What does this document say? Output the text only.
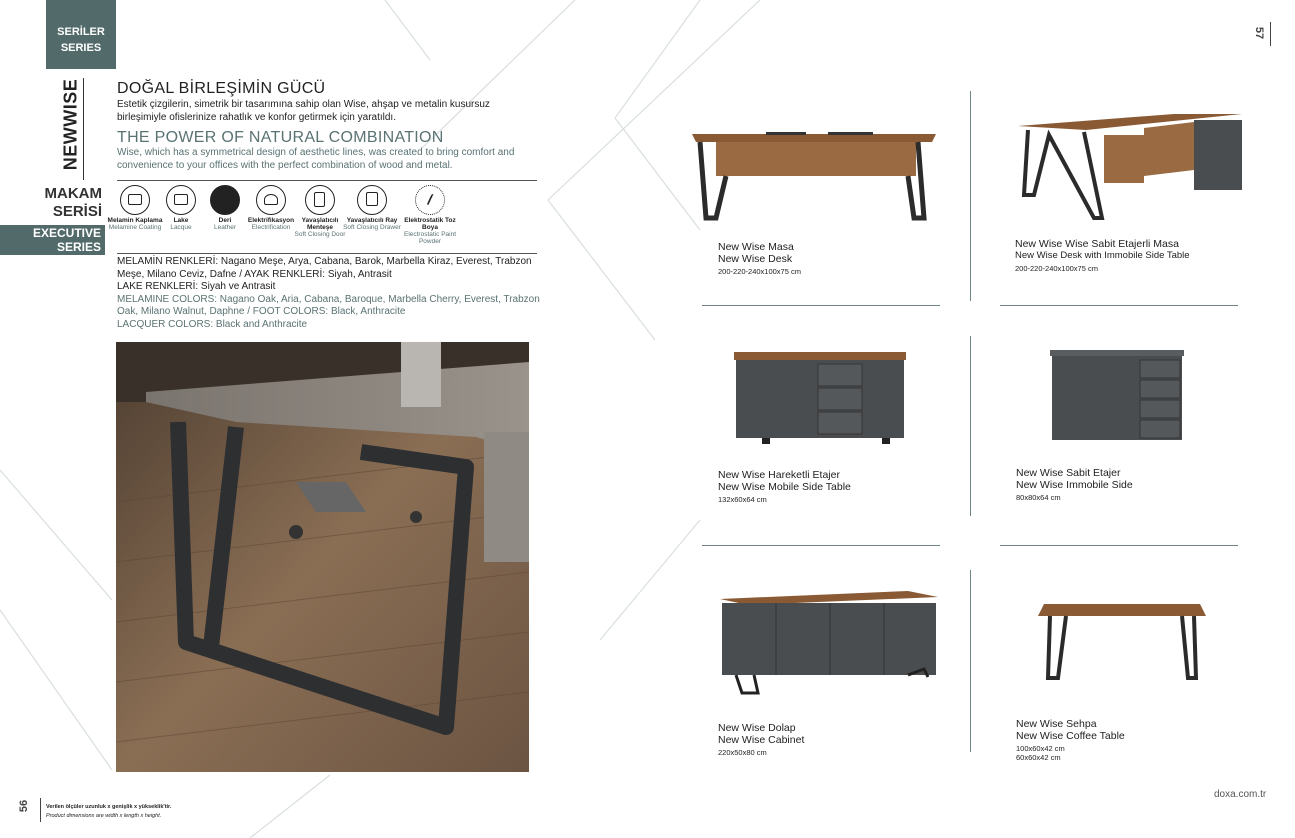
SERİLER
SERIES
NEWWISE
MAKAM
SERİSİ
EXECUTIVE
SERIES
DOĞAL BİRLEŞİMİN GÜCÜ
Estetik çizgilerin, simetrik bir tasarımına sahip olan Wise, ahşap ve metalin kusursuz birleşimiyle ofislerinize rahatlık ve konfor getirmek için yaratıldı.
THE POWER OF NATURAL COMBINATION
Wise, which has a symmetrical design of aesthetic lines, was created to bring comfort and convenience to your offices with the perfect combination of wood and metal.
Melamin Kaplama
Melamine Coating
Lake
Lacque
Deri
Leather
Elektrifikasyon
Electrification
Yavaşlatıcılı Menteşe
Soft Closing Door
Yavaşlatıcılı Ray
Soft Closing Drawer
Elektrostatik Toz Boya
Electrostatic Paint Powder
MELAMİN RENKLERİ: Nagano Meşe, Arya, Cabana, Barok, Marbella Kiraz, Everest, Trabzon Meşe, Milano Ceviz, Dafne / AYAK RENKLERİ: Siyah, Antrasit
LAKE RENKLERİ: Siyah ve Antrasit
MELAMINE COLORS: Nagano Oak, Aria, Cabana, Baroque, Marbella Cherry, Everest, Trabzon Oak, Milano Walnut, Daphne / FOOT COLORS: Black, Anthracite
LACQUER COLORS: Black and Anthracite
56	Verilen ölçüler uzunluk x genişlik x yükseklik'tir.
Product dimensions are width x length x height.
57
New Wise Masa
New Wise Desk
200-220-240x100x75 cm
New Wise Wise Sabit Etajerli Masa
New Wise Desk with Immobile Side Table
200-220-240x100x75 cm
New Wise Hareketli Etajer
New Wise Mobile Side Table
132x60x64 cm
New Wise Sabit Etajer
New Wise Immobile Side
80x80x64 cm
New Wise Dolap
New Wise Cabinet
220x50x80 cm
New Wise Sehpa
New Wise Coffee Table
100x60x42 cm
60x60x42 cm
doxa.com.tr
